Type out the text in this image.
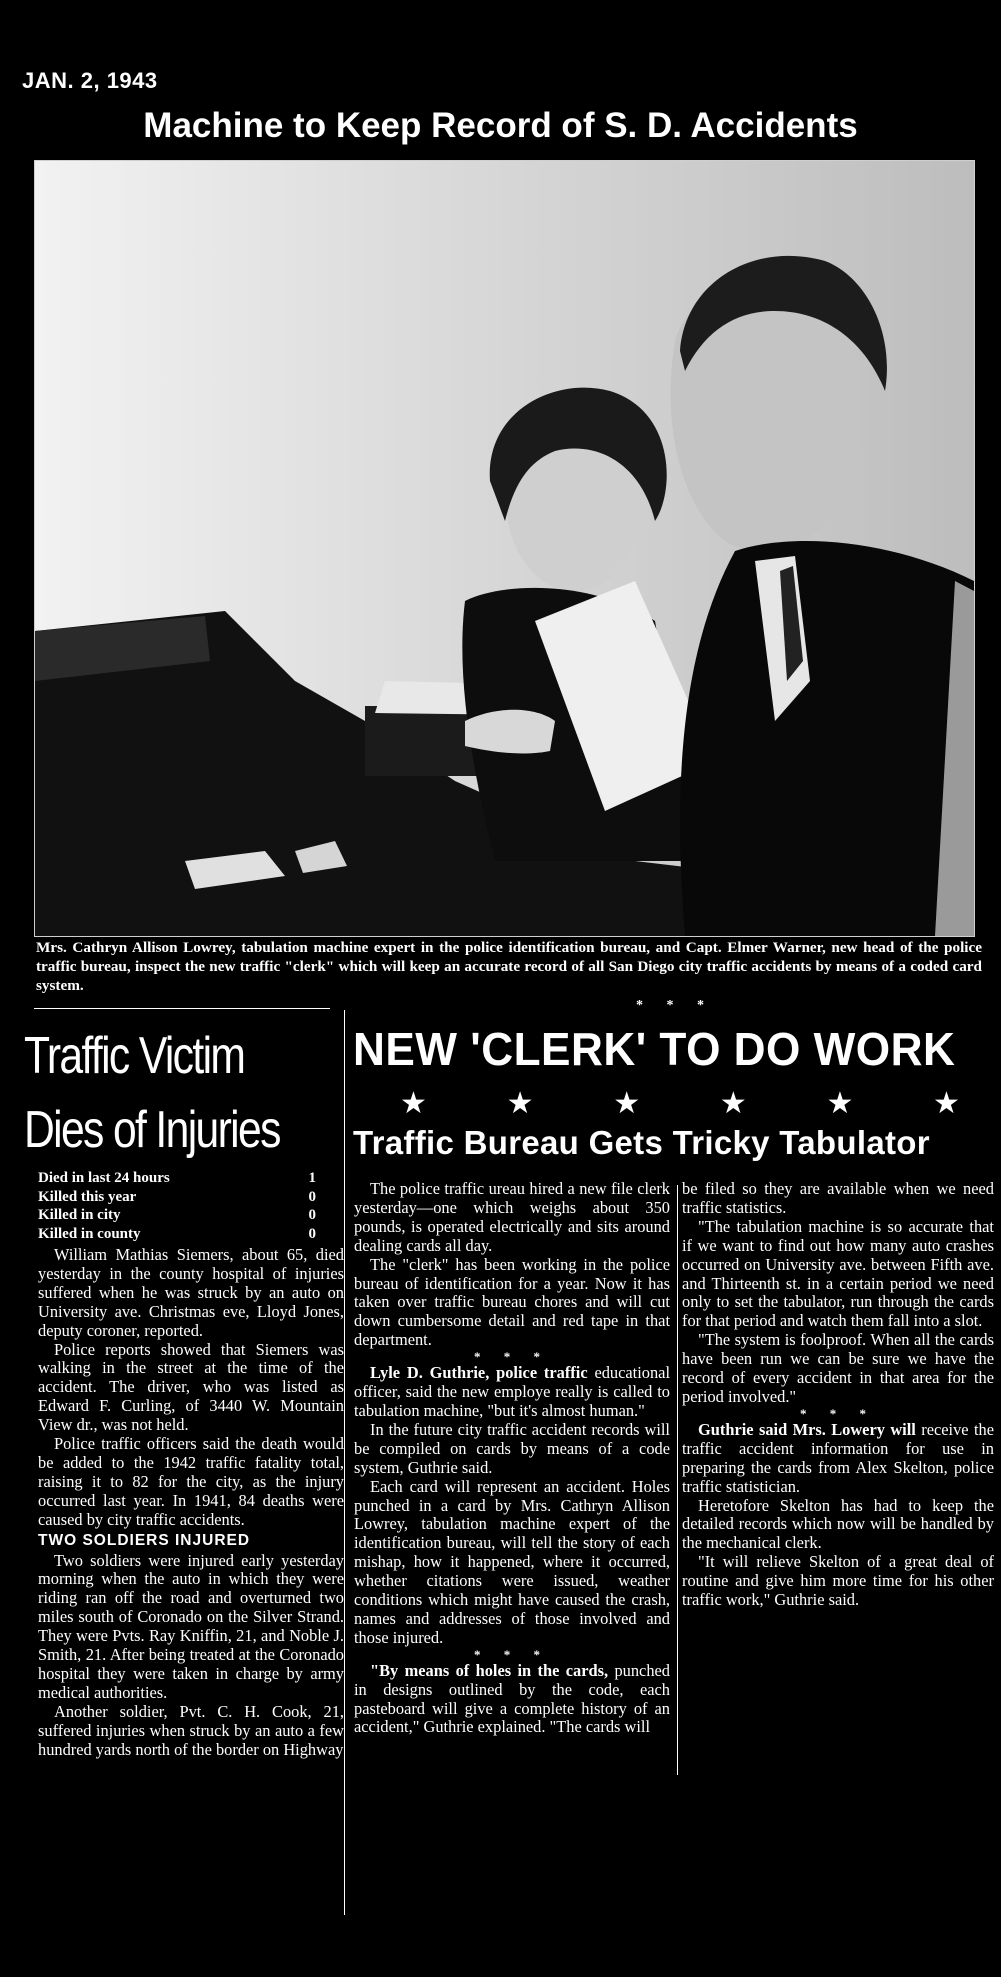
JAN. 2, 1943
Machine to Keep Record of S. D. Accidents
Mrs. Cathryn Allison Lowrey, tabulation machine expert in the police identification bureau, and Capt. Elmer Warner, new head of the police traffic bureau, inspect the new traffic "clerk" which will keep an accurate record of all San Diego city traffic accidents by means of a coded card system.
Traffic Victim
Dies of Injuries
Died in last 24 hours	1
Killed this year	0
Killed in city	0
Killed in county	0

William Mathias Siemers, about 65, died yesterday in the county hospital of injuries suffered when he was struck by an auto on University ave. Christmas eve, Lloyd Jones, deputy coroner, reported.

Police reports showed that Siemers was walking in the street at the time of the accident. The driver, who was listed as Edward F. Curling, of 3440 W. Mountain View dr., was not held.

Police traffic officers said the death would be added to the 1942 traffic fatality total, raising it to 82 for the city, as the injury occurred last year. In 1941, 84 deaths were caused by city traffic accidents.

TWO SOLDIERS INJURED

Two soldiers were injured early yesterday morning when the auto in which they were riding ran off the road and overturned two miles south of Coronado on the Silver Strand. They were Pvts. Ray Kniffin, 21, and Noble J. Smith, 21. After being treated at the Coronado hospital they were taken in charge by army medical authorities.

Another soldier, Pvt. C. H. Cook, 21, suffered injuries when struck by an auto a few hundred yards north of the border on Highway

* * *
NEW 'CLERK' TO DO WORK
★	★	★	★	★	★
Traffic Bureau Gets Tricky Tabulator

The police traffic ureau hired a new file clerk yesterday—one which weighs about 350 pounds, is operated electrically and sits around dealing cards all day.

The "clerk" has been working in the police bureau of identification for a year. Now it has taken over traffic bureau chores and will cut down cumbersome detail and red tape in that department.

* * *

Lyle D. Guthrie, police traffic educational officer, said the new employe really is called to tabulation machine, "but it's almost human."

In the future city traffic accident records will be compiled on cards by means of a code system, Guthrie said.

Each card will represent an accident. Holes punched in a card by Mrs. Cathryn Allison Lowrey, tabulation machine expert of the identification bureau, will tell the story of each mishap, how it happened, where it occurred, whether citations were issued, weather conditions which might have caused the crash, names and addresses of those involved and those injured.

* * *

"By means of holes in the cards, punched in designs outlined by the code, each pasteboard will give a complete history of an accident," Guthrie explained. "The cards will

be filed so they are available when we need traffic statistics.

"The tabulation machine is so accurate that if we want to find out how many auto crashes occurred on University ave. between Fifth ave. and Thirteenth st. in a certain period we need only to set the tabulator, run through the cards for that period and watch them fall into a slot.

"The system is foolproof. When all the cards have been run we can be sure we have the record of every accident in that area for the period involved."

* * *

Guthrie said Mrs. Lowery will receive the traffic accident information for use in preparing the cards from Alex Skelton, police traffic statistician.

Heretofore Skelton has had to keep the detailed records which now will be handled by the mechanical clerk.

"It will relieve Skelton of a great deal of routine and give him more time for his other traffic work," Guthrie said.
